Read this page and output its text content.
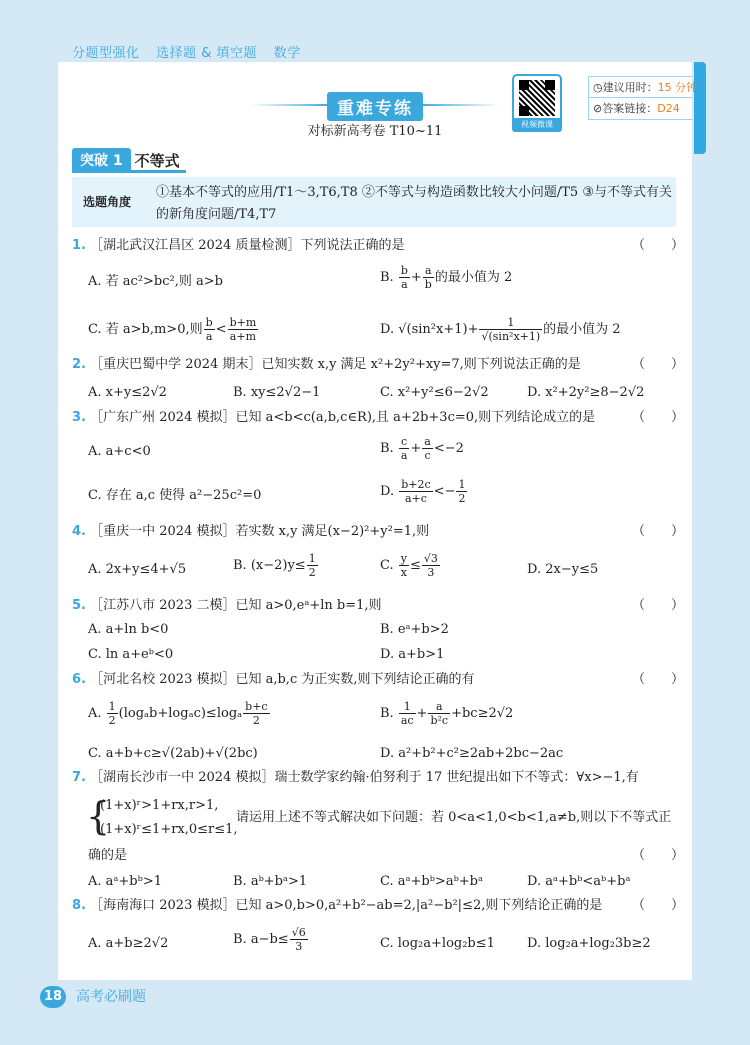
分题型强化 选择题 & 填空题 数学
重难专练
对标新高考卷 T10~11	视频微课
◷建议用时：15 分钟
⊘答案链接：D24
突破 1 不等式
选题角度
①基本不等式的应用/T1～3,T6,T8 ②不等式与构造函数比较大小问题/T5 ③与不等式有关的新角度问题/T4,T7
1. ［湖北武汉江昌区 2024 质量检测］下列说法正确的是	（　　）
A. 若 ac²>bc²,则 a>b	B. $\frac{b}{a} + \frac{a}{b}$ 的最小值为 2
C. 若 a>b,m>0,则 $\frac{b}{a} < \frac{b+m}{a+m}$	D. $√(\sin^2x+1)+ \frac{1}{\text{√(sin²x+1)}}$ 的最小值为 2
2. ［重庆巴蜀中学 2024 期末］已知实数 x,y 满足 x²+2y²+xy=7,则下列说法正确的是	（　　）
A. x+y≤2√2	B. xy≤2√2−1	C. x²+y²≤6−2√2	D. x²+2y²≥8−2√2
3. ［广东广州 2024 模拟］已知 a<b<c(a,b,c∈R),且 a+2b+3c=0,则下列结论成立的是	（　　）
A. a+c<0	B. $\frac{c}{a} + \frac{a}{c} <-2$
C. 存在 a,c 使得 a²−25c²=0	D. $\frac{b+2c}{a+c} <- \frac{1}{2}$
4. ［重庆一中 2024 模拟］若实数 x,y 满足(x−2)²+y²=1,则	（　　）
A. 2x+y≤4+√5	B. $(x-2)y\le \frac{1}{2}$	C. $\frac{y}{x} \le \frac{√3}{3}$	D. 2x−y≤5
5. ［江苏八市 2023 二模］已知 a>0,eᵃ+ln b=1,则	（　　）
A. a+ln b<0	B. eᵃ+b>2
C. ln a+eᵇ<0	D. a+b>1
6. ［河北名校 2023 模拟］已知 a,b,c 为正实数,则下列结论正确的有	（　　）
A. $\frac{1}{2} (\log_ab+\log_ac)\le\log_a \frac{b+c}{2}$	B. $\frac{1}{ac} + \frac{a}{\text{b²c}} +bc\ge 2√2$
C. a+b+c≥√(2ab)+√(2bc)	D. a²+b²+c²≥2ab+2bc−2ac
7. ［湖南长沙市一中 2024 模拟］瑞士数学家约翰·伯努利于 17 世纪提出如下不等式：∀x>−1,有
{
(1+x)ʳ>1+rx,r>1,
(1+x)ʳ≤1+rx,0≤r≤1,
请运用上述不等式解决如下问题：若 0<a<1,0<b<1,a≠b,则以下不等式正
确的是	（　　）
A. aᵃ+bᵇ>1	B. aᵇ+bᵃ>1	C. aᵃ+bᵇ>aᵇ+bᵃ	D. aᵃ+bᵇ<aᵇ+bᵃ
8. ［海南海口 2023 模拟］已知 a>0,b>0,a²+b²−ab=2,|a²−b²|≤2,则下列结论正确的是 （　　）
A. a+b≥2√2	B. $a-b\le \frac{√6}{3}$	C. log₂a+log₂b≤1 D. log₂a+log₂3b≥2
18 高考必刷题
